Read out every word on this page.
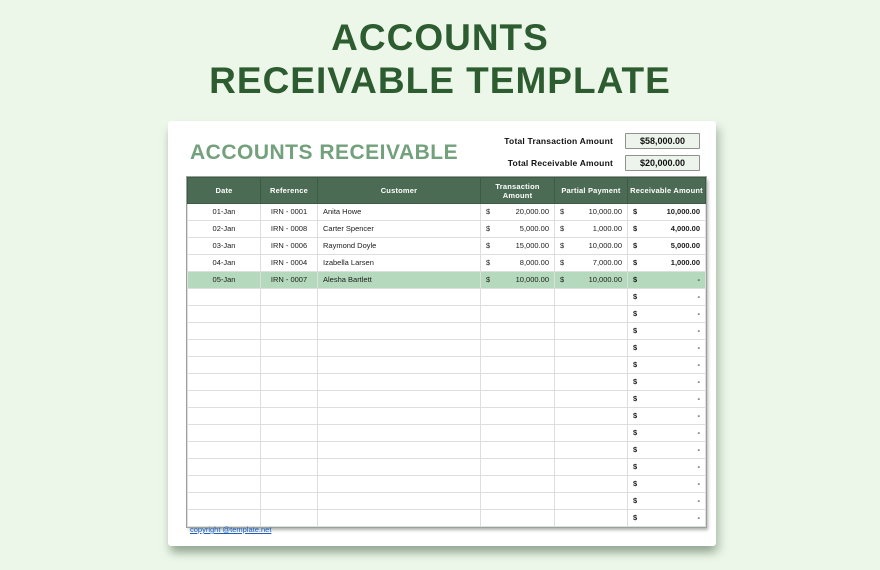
ACCOUNTS
RECEIVABLE TEMPLATE
ACCOUNTS RECEIVABLE	Total Transaction Amount	$58,000.00
Total Receivable Amount	$20,000.00
Date	Reference	Customer	Transaction Amount	Partial Payment	Receivable Amount
01-Jan	IRN - 0001	Anita Howe	$ 20,000.00	$ 10,000.00	$ 10,000.00

02-Jan	IRN - 0008	Carter Spencer	$ 5,000.00	$ 1,000.00	$ 4,000.00

03-Jan	IRN - 0006	Raymond Doyle	$ 15,000.00	$ 10,000.00	$ 5,000.00

04-Jan	IRN - 0004	Izabella Larsen	$ 8,000.00	$ 7,000.00	$ 1,000.00

05-Jan	IRN - 0007	Alesha Bartlett	$ 10,000.00	$ 10,000.00	$ -

					$ -

					$ -

					$ -

					$ -

					$ -

					$ -

					$ -

					$ -

					$ -

					$ -

					$ -

					$ -

					$ -

					$ -
copyright @template.net
